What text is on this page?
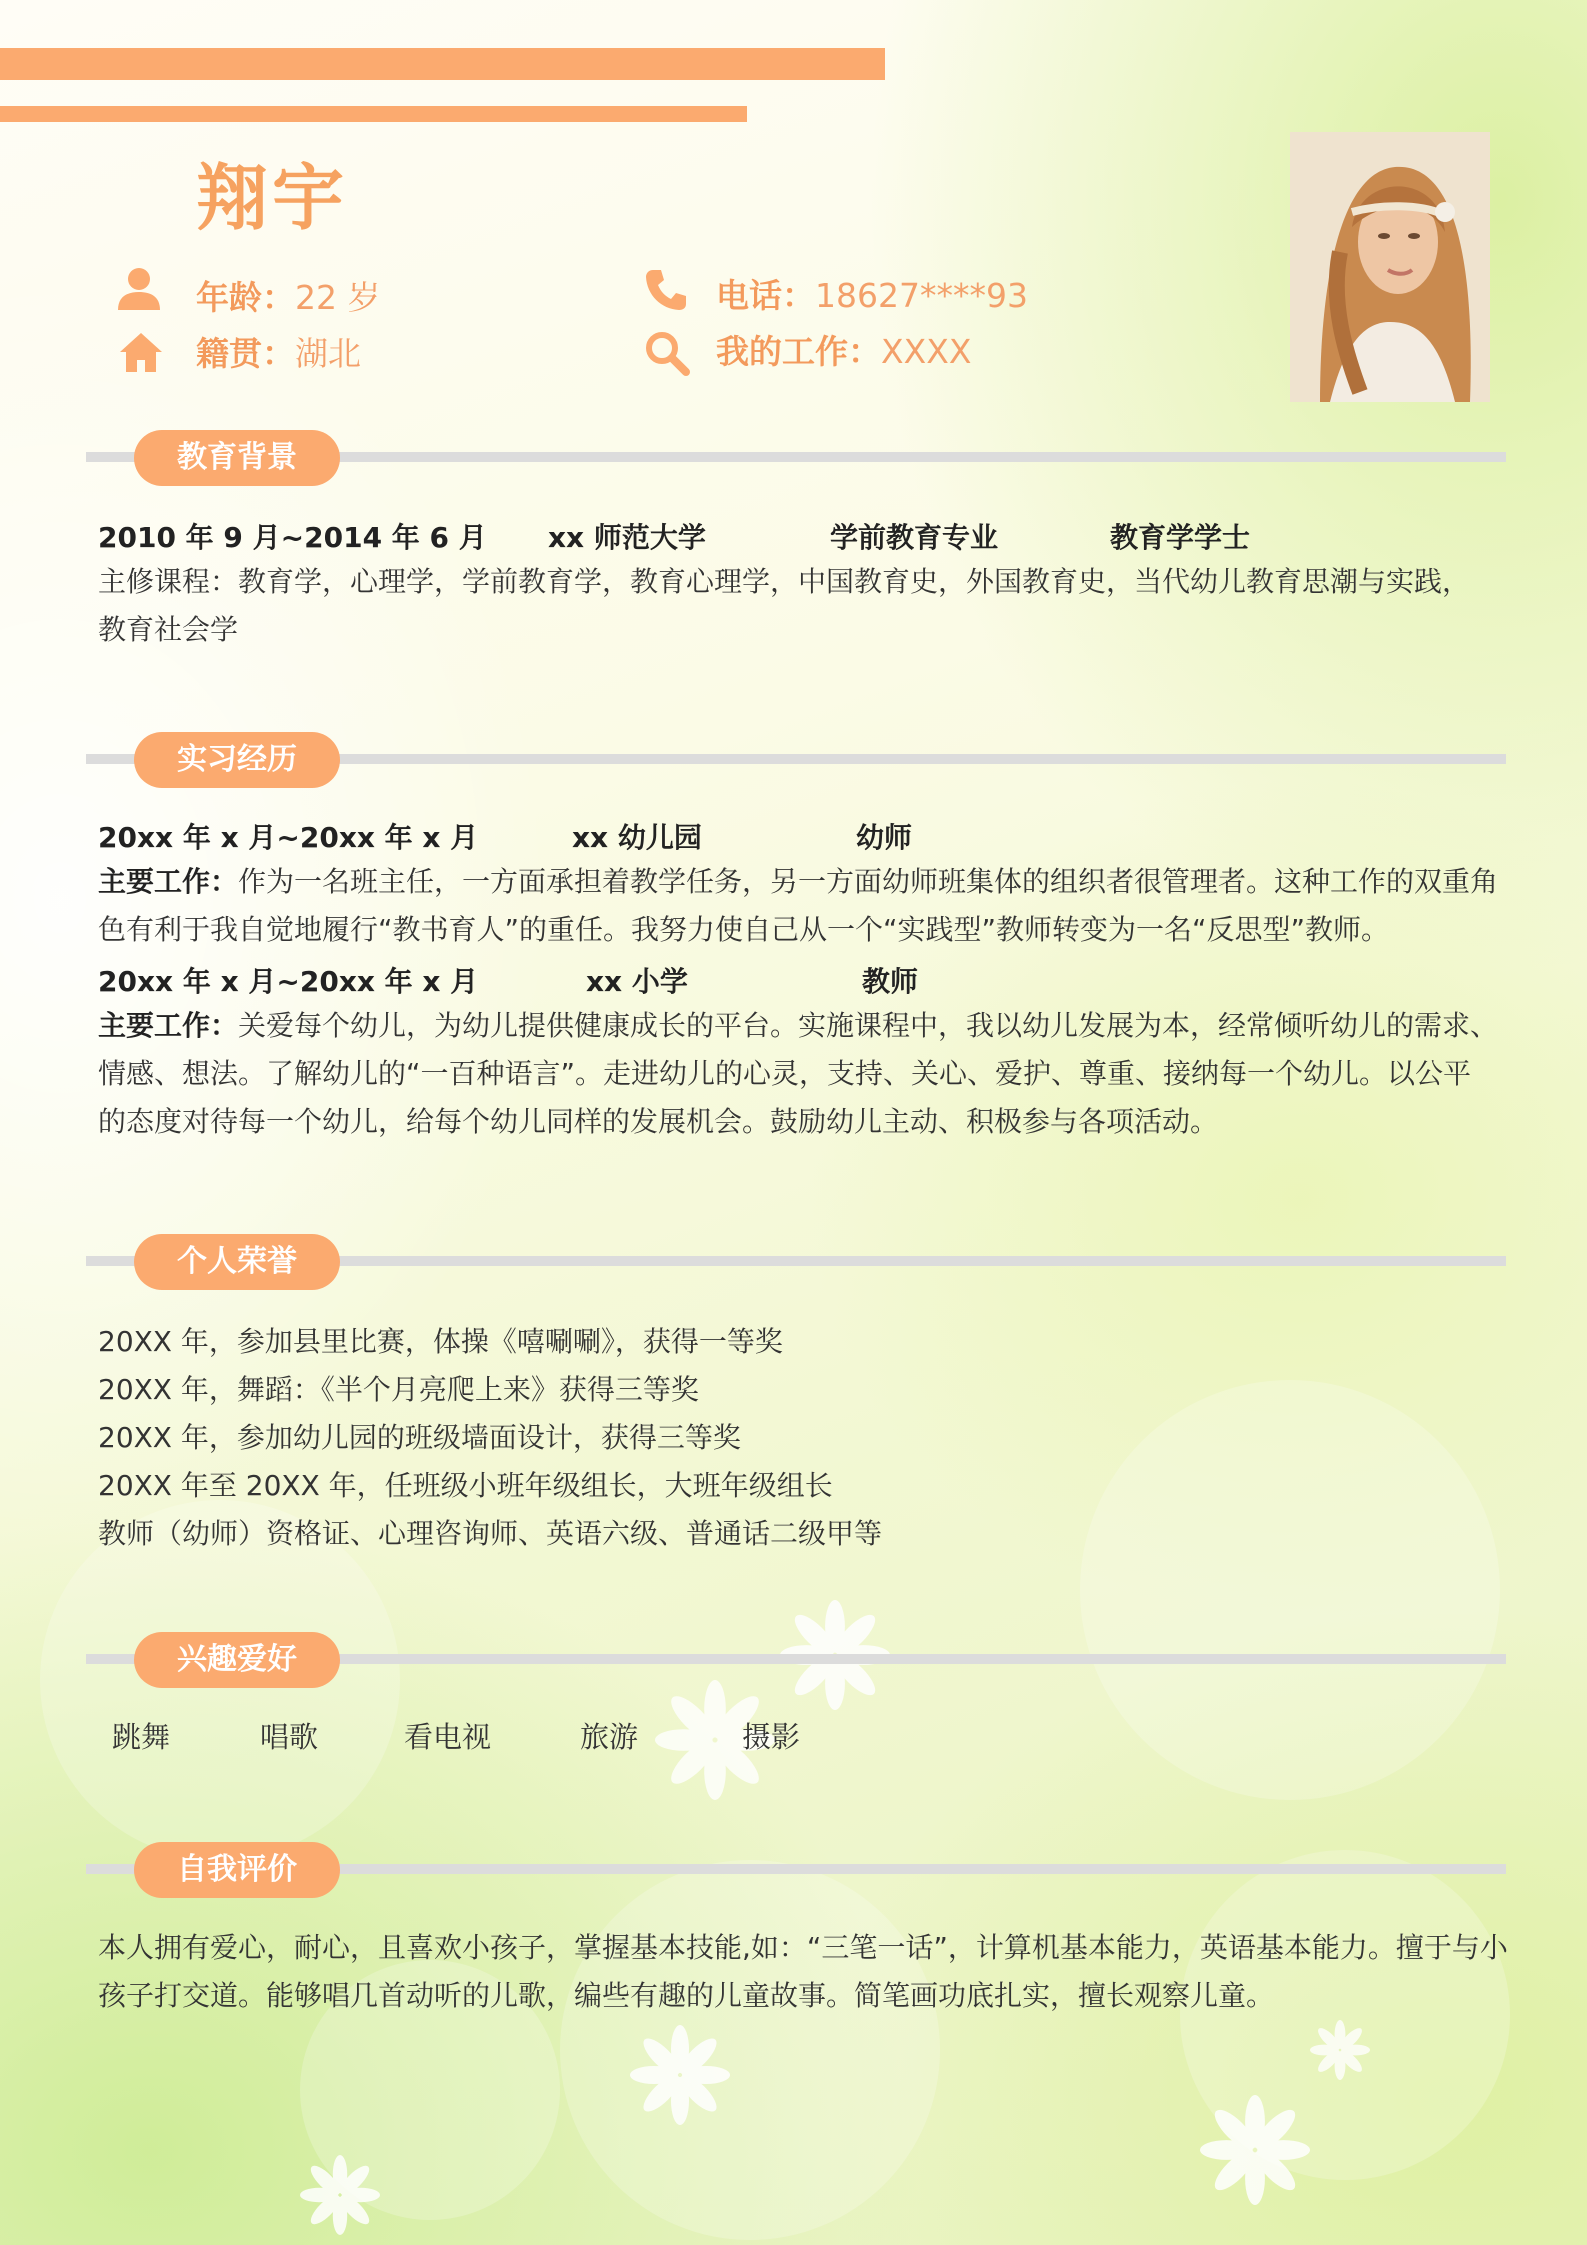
翔宇
年龄：22 岁	电话：18627****93
籍贯：湖北	我的工作：XXXX
教育背景
2010 年 9 月~2014 年 6 月 xx 师范大学	学前教育专业	教育学学士
主修课程：教育学，心理学，学前教育学，教育心理学，中国教育史，外国教育史，当代幼儿教育思潮与实践，
教育社会学
实习经历
20xx 年 x 月~20xx 年 x 月	xx 幼儿园	幼师
主要工作：作为一名班主任，一方面承担着教学任务，另一方面幼师班集体的组织者很管理者。这种工作的双重角
色有利于我自觉地履行“教书育人”的重任。我努力使自己从一个“实践型”教师转变为一名“反思型”教师。
20xx 年 x 月~20xx 年 x 月	xx 小学	教师
主要工作：关爱每个幼儿，为幼儿提供健康成长的平台。实施课程中，我以幼儿发展为本，经常倾听幼儿的需求、
情感、想法。了解幼儿的“一百种语言”。走进幼儿的心灵，支持、关心、爱护、尊重、接纳每一个幼儿。以公平
的态度对待每一个幼儿，给每个幼儿同样的发展机会。鼓励幼儿主动、积极参与各项活动。
个人荣誉
20XX 年，参加县里比赛，体操《嘻唰唰》，获得一等奖
20XX 年，舞蹈：《半个月亮爬上来》获得三等奖
20XX 年，参加幼儿园的班级墙面设计，获得三等奖
20XX 年至 20XX 年，任班级小班年级组长，大班年级组长
教师（幼师）资格证、心理咨询师、英语六级、普通话二级甲等
兴趣爱好
跳舞	唱歌	看电视	旅游	摄影
自我评价
本人拥有爱心，耐心，且喜欢小孩子，掌握基本技能,如：“三笔一话”，计算机基本能力，英语基本能力。擅于与小
孩子打交道。能够唱几首动听的儿歌，编些有趣的儿童故事。简笔画功底扎实，擅长观察儿童。
